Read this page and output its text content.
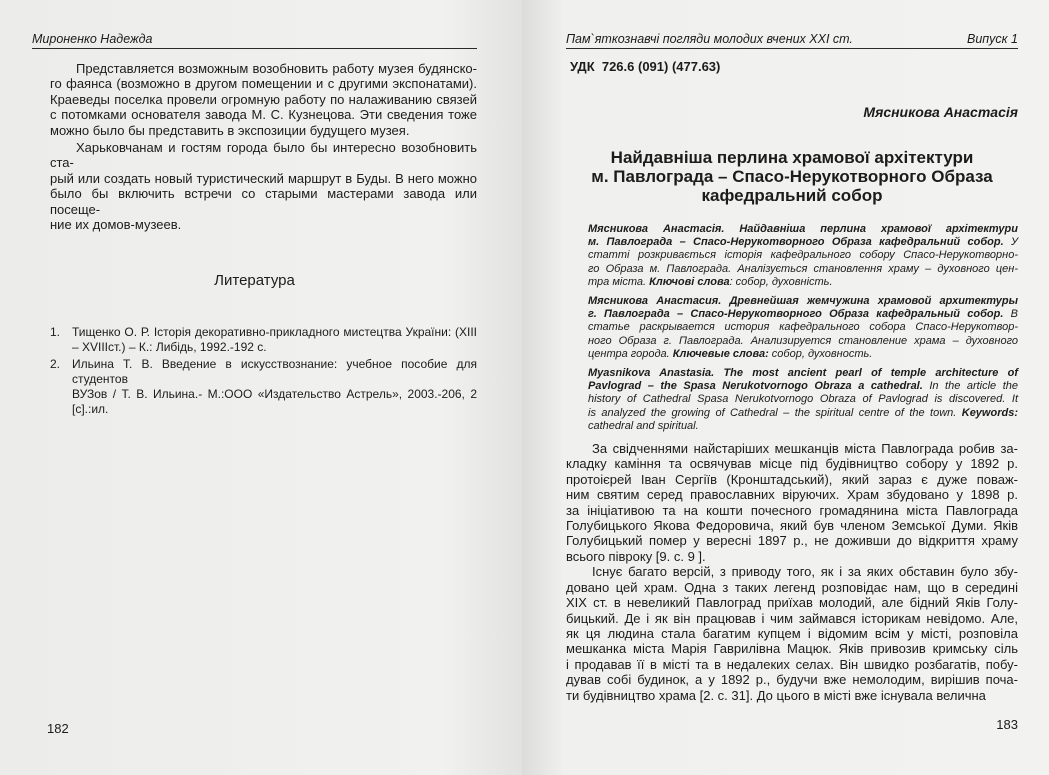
Мироненко Надежда
Представляется возможным возобновить работу музея будянско-
го фаянса (возможно в другом помещении и с другими экспонатами).
Краеведы поселка провели огромную работу по налаживанию связей
с потомками основателя завода М. С. Кузнецова. Эти сведения тоже
можно было бы представить в экспозиции будущего музея.
Харьковчанам и гостям города было бы интересно возобновить ста-
рый или создать новый туристический маршрут в Буды. В него можно
было бы включить встречи со старыми мастерами завода или посеще-
ние их домов-музеев.
Литература
1. Тищенко О. Р. Історія декоративно-прикладного мистецтва України: (XIII
– XVIIIст.) – К.: Либідь, 1992.-192 с.
2. Ильина Т. В. Введение в искусствознание: учебное пособие для студентов
ВУЗов / Т. В. Ильина.- М.:ООО «Издательство Астрель», 2003.-206, 2 [c].:ил.
182
Пам`яткознавчі погляди молодих вчених XXI ст.	Випуск 1
УДК  726.6 (091) (477.63)
Мясникова Анастасія
Найдавніша перлина храмової архітектури
м. Павлограда – Спасо-Нерукотворного Образа
кафедральний собор
Мясникова Анастасія. Найдавніша перлина храмової архітектури
м. Павлограда – Спасо-Нерукотворного Образа кафедральний собор. У
статті розкривається історія кафедрального собору Спасо-Нерукотворно-
го Образа м. Павлограда. Аналізується становлення храму – духовного цен-
тра міста. Ключові слова: собор, духовність.
Мясникова Анастасия. Древнейшая жемчужина храмовой архитектуры
г. Павлограда – Спасо-Нерукотворного Образа кафедральный собор. В
статье раскрывается история кафедрального собора Спасо-Нерукотвор-
ного Образа г. Павлограда. Анализируется становление храма – духовного
центра города. Ключевые слова: собор, духовность.
Myasnikova Anastasia. The most ancient pearl of temple architecture of
Pavlograd – the Spasa Nerukotvornogo Obraza a cathedral. In the article the
history of Cathedral Spasa Nerukotvornogo Obraza of Pavlograd is discovered. It
is analyzed the growing of Cathedral – the spiritual centre of the town. Keywords:
cathedral and spiritual.
За свідченнями найстаріших мешканців міста Павлограда робив за-
кладку каміння та освячував місце під будівництво собору у 1892 р.
протоієрей Іван Сергіїв (Кронштадський), який зараз є дуже поваж-
ним святим серед православних віруючих. Храм збудовано у 1898 р.
за ініціативою та на кошти почесного громадянина міста Павлограда
Голубицького Якова Федоровича, який був членом Земської Думи. Яків
Голубицький помер у вересні 1897 р., не доживши до відкриття храму
всього півроку [9. с. 9 ].
Існує багато версій, з приводу того, як і за яких обставин було збу-
довано цей храм. Одна з таких легенд розповідає нам, що в середині
XIX ст. в невеликий Павлоград приїхав молодий, але бідний Яків Голу-
бицький. Де і як він працював і чим займався історикам невідомо. Але,
як ця людина стала багатим купцем і відомим всім у місті, розповіла
мешканка міста Марія Гаврилівна Мацюк. Яків привозив кримську сіль
і продавав її в місті та в недалеких селах. Він швидко розбагатів, побу-
дував собі будинок, а у 1892 р., будучи вже немолодим, вирішив поча-
ти будівництво храма [2. с. 31]. До цього в місті вже існувала велична
183
